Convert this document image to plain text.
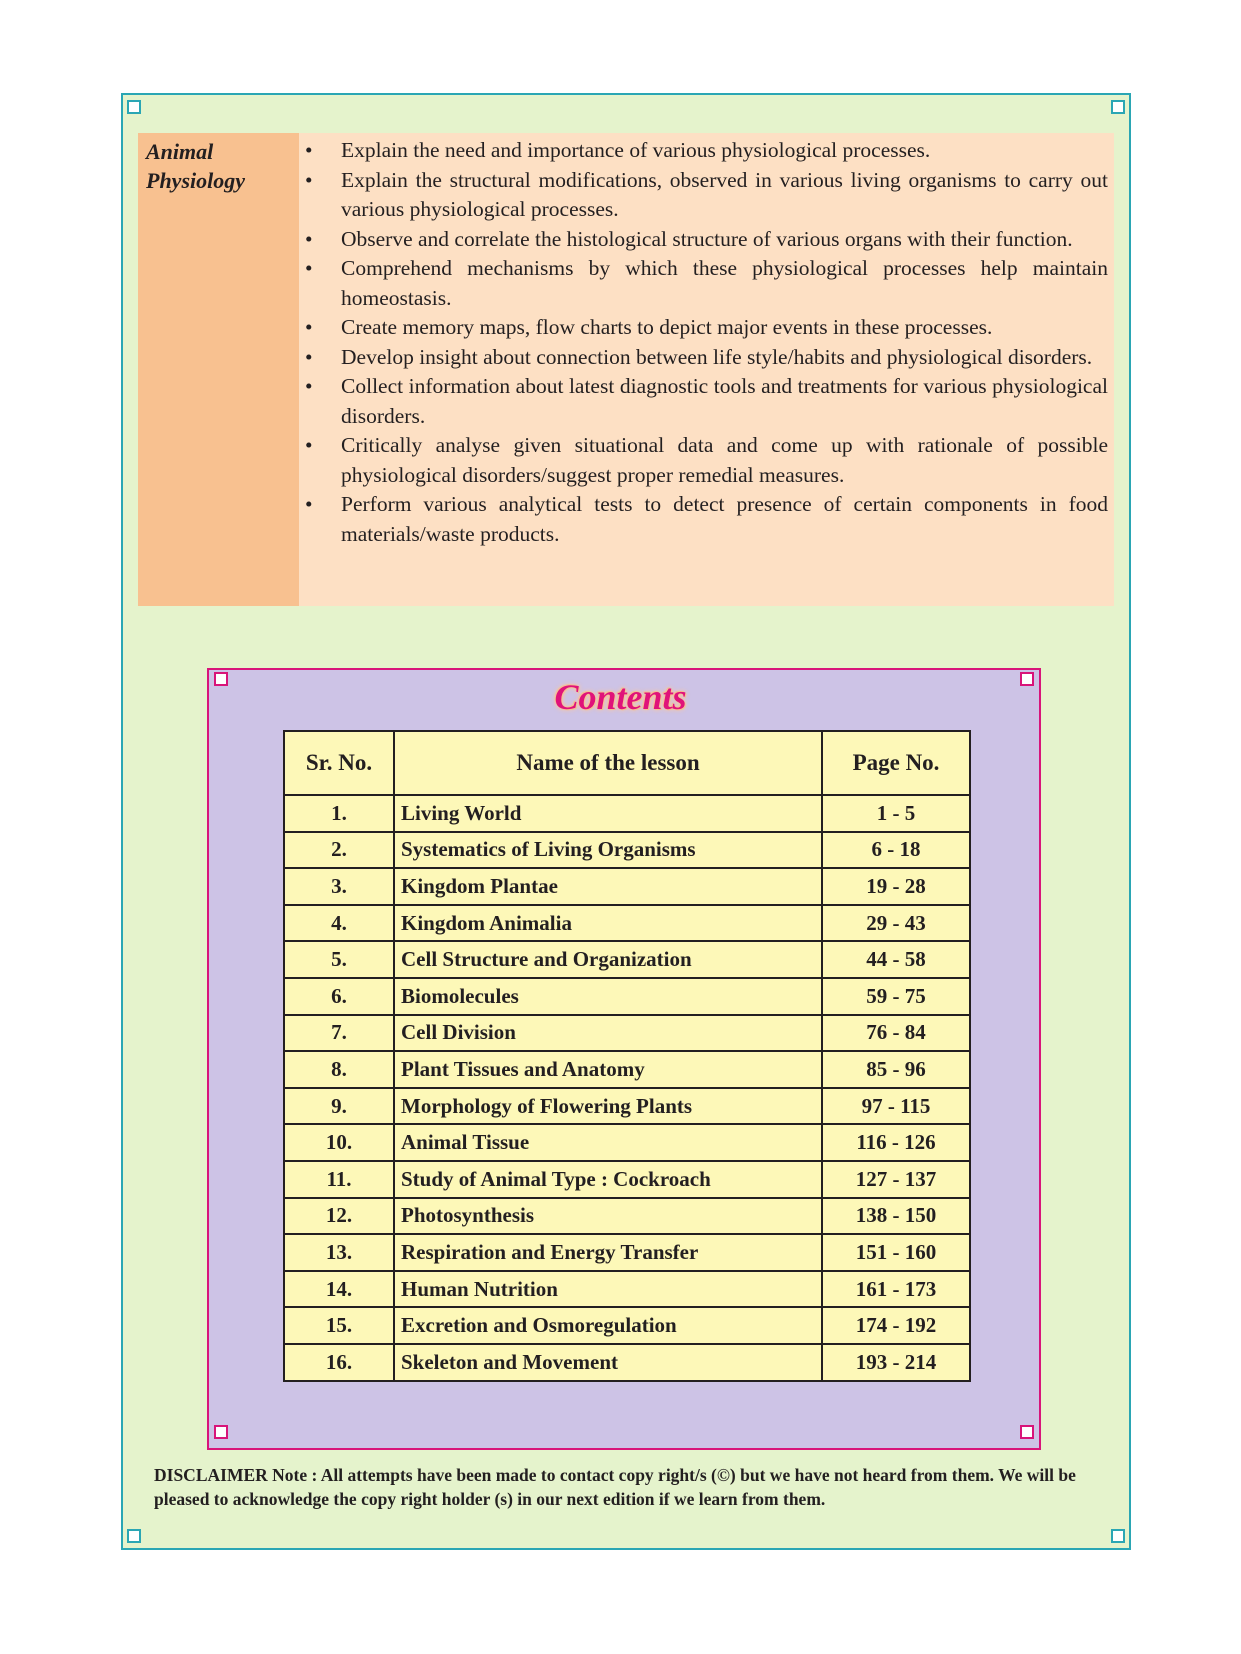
Animal Physiology
• Explain the need and importance of various physiological processes.
• Explain the structural modifications, observed in various living organisms to carry out various physiological processes.
• Observe and correlate the histological structure of various organs with their function.
• Comprehend mechanisms by which these physiological processes help maintain homeostasis.
• Create memory maps, flow charts to depict major events in these processes.
• Develop insight about connection between life style/habits and physiological disorders.
• Collect information about latest diagnostic tools and treatments for various physiological disorders.
• Critically analyse given situational data and come up with rationale of possible physiological disorders/suggest proper remedial measures.
• Perform various analytical tests to detect presence of certain components in food materials/waste products.
Contents
Sr. No.	Name of the lesson	Page No.
1.	Living World	1 - 5
2.	Systematics of Living Organisms	6 - 18
3.	Kingdom Plantae	19 - 28
4.	Kingdom Animalia	29 - 43
5.	Cell Structure and Organization	44 - 58
6.	Biomolecules	59 - 75
7.	Cell Division	76 - 84
8.	Plant Tissues and Anatomy	85 - 96
9.	Morphology of Flowering Plants	97 - 115
10.	Animal Tissue	116 - 126
11.	Study of Animal Type : Cockroach	127 - 137
12.	Photosynthesis	138 - 150
13.	Respiration and Energy Transfer	151 - 160
14.	Human Nutrition	161 - 173
15.	Excretion and Osmoregulation	174 - 192
16.	Skeleton and Movement	193 - 214
DISCLAIMER Note : All attempts have been made to contact copy right/s (©) but we have not heard from them. We will be pleased to acknowledge the copy right holder (s) in our next edition if we learn from them.
